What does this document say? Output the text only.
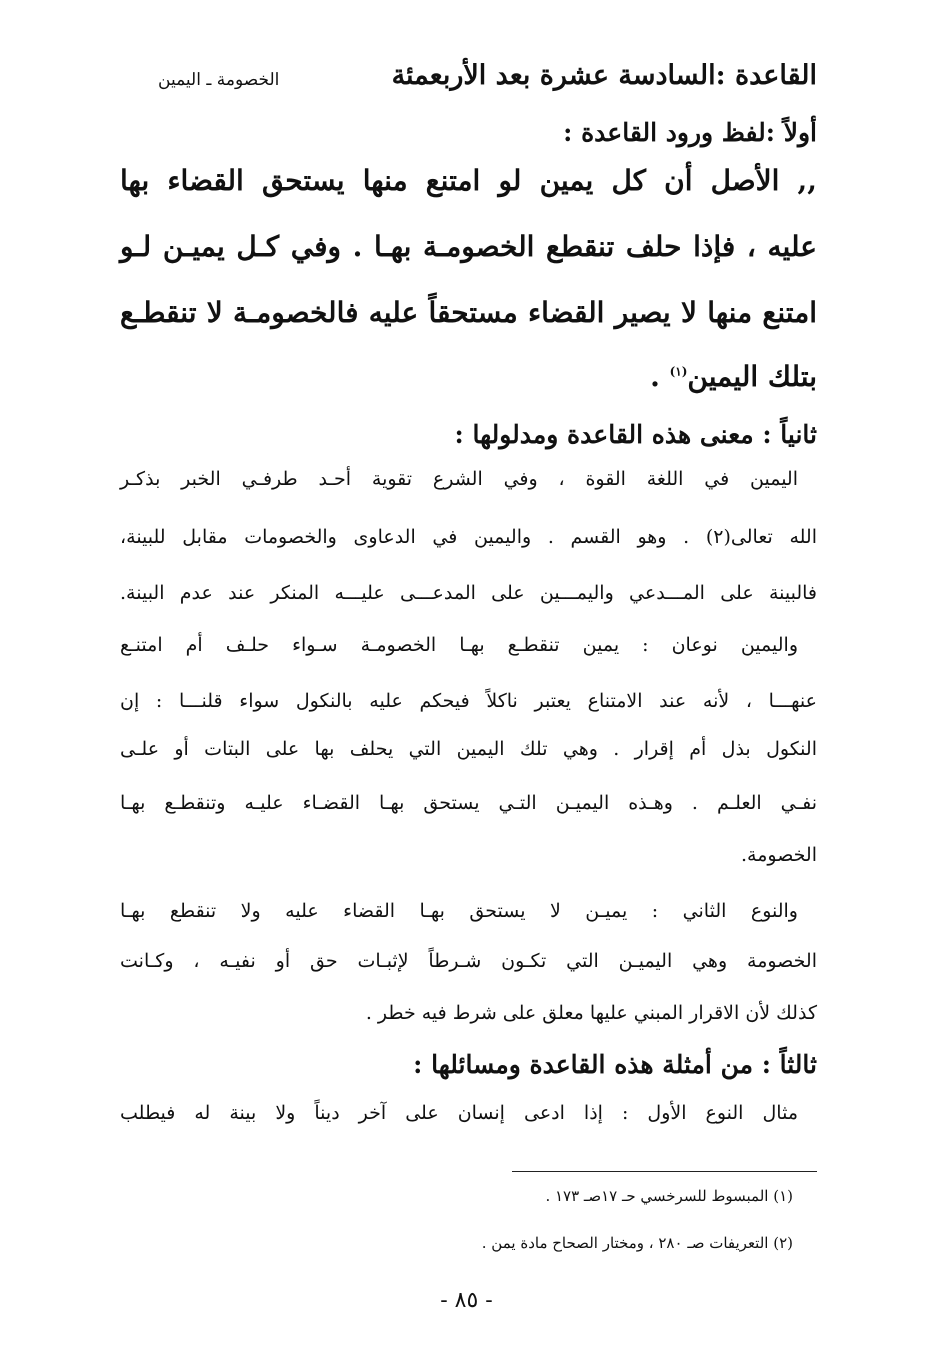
القاعدة :السادسة عشرة بعد الأربعمئة
الخصومة ـ اليمين
أولاً :لفظ ورود القاعدة :
,, الأصل أن كل يمين لو امتنع منها يستحق القضاء بها
عليه ، فإذا حلف تنقطع الخصومـة بهـا . وفي كـل يميـن لـو
امتنع منها لا يصير القضاء مستحقاً عليه فالخصومـة لا تنقطـع
بتلك اليمين$^{(١)}$ .
ثانياً : معنى هذه القاعدة ومدلولها :
اليمين في اللغة القوة ، وفي الشرع تقوية أحـد طرفـي الخبر بذكـر
الله تعالى(٢) . وهو القسم . واليمين في الدعاوى والخصومات مقابل للبينة،
فالبينة على المـــدعي واليمـــين على المدعـــى عليـــه المنكر عند عدم البينة.
واليمين نوعان : يمين تنقطـع بهـا الخصومـة سـواء حلـف أم امتنـع
عنهـــا ، لأنه عند الامتناع يعتبر ناكلاً فيحكم عليه بالنكول سواء قلنـــا : إن
النكول بذل أم إقرار . وهي تلك اليمين التي يحلف بها على البتات أو علـى
نفـي العلـم . وهـذه اليميـن التـي يستحق بهـا القضـاء عليـه وتنقطـع بهـا
الخصومة.
والنوع الثاني : يميـن لا يستحق بهـا القضاء عليه ولا تنقطع بهـا
الخصومة وهي اليميـن التي تكـون شـرطاً لإثبـات حق أو نفيـه ، وكـانت
كذلك لأن الاقرار المبني عليها معلق على شرط فيه خطر .
ثالثاً : من أمثلة هذه القاعدة ومسائلها :
مثال النوع الأول : إذا ادعى إنسان على آخر ديناً ولا بينة له فيطلب
(١) المبسوط للسرخسي حـ ١٧صـ ١٧٣ .
(٢) التعريفات صـ ٢٨٠ ، ومختار الصحاح مادة يمن .
- ٨٥ -
